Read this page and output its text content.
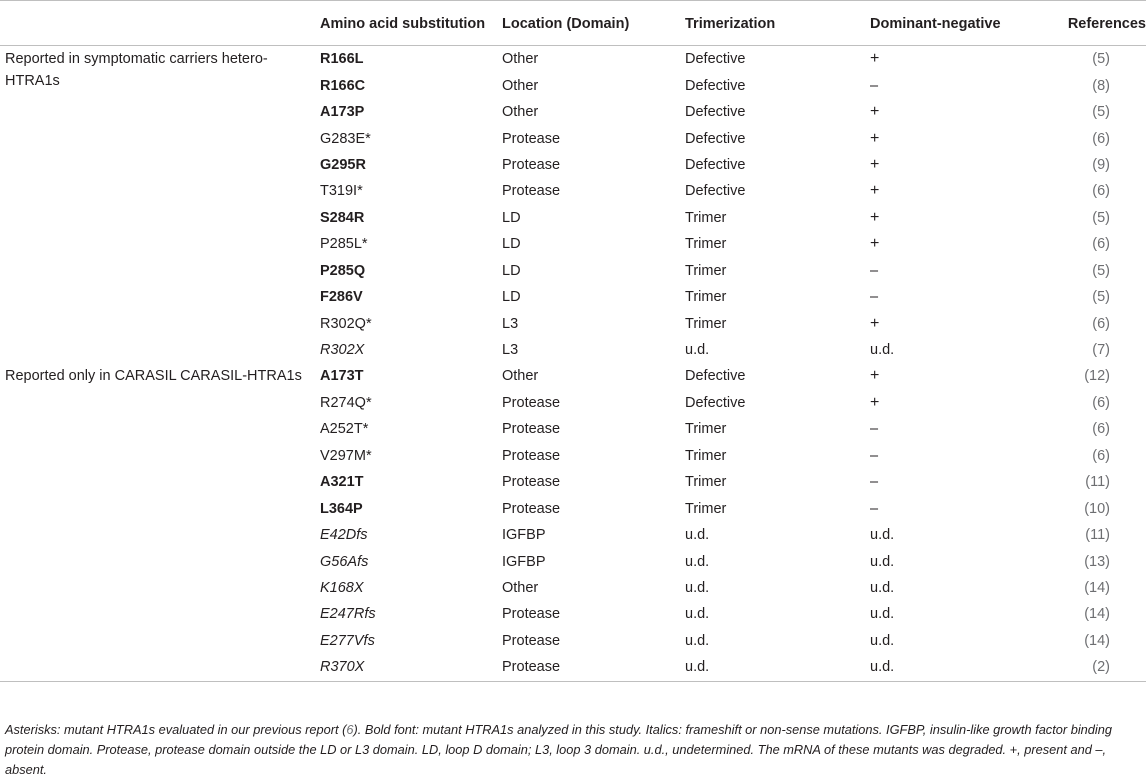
	Amino acid substitution	Location (Domain)	Trimerization	Dominant-negative	References
Reported in symptomatic carriers hetero-HTRA1s	R166L	Other	Defective	+	(5)
	R166C	Other	Defective	–	(8)
	A173P	Other	Defective	+	(5)
	G283E*	Protease	Defective	+	(6)
	G295R	Protease	Defective	+	(9)
	T319I*	Protease	Defective	+	(6)
	S284R	LD	Trimer	+	(5)
	P285L*	LD	Trimer	+	(6)
	P285Q	LD	Trimer	–	(5)
	F286V	LD	Trimer	–	(5)
	R302Q*	L3	Trimer	+	(6)
	R302X	L3	u.d.	u.d.	(7)
Reported only in CARASIL CARASIL-HTRA1s	A173T	Other	Defective	+	(12)
	R274Q*	Protease	Defective	+	(6)
	A252T*	Protease	Trimer	–	(6)
	V297M*	Protease	Trimer	–	(6)
	A321T	Protease	Trimer	–	(11)
	L364P	Protease	Trimer	–	(10)
	E42Dfs	IGFBP	u.d.	u.d.	(11)
	G56Afs	IGFBP	u.d.	u.d.	(13)
	K168X	Other	u.d.	u.d.	(14)
	E247Rfs	Protease	u.d.	u.d.	(14)
	E277Vfs	Protease	u.d.	u.d.	(14)
	R370X	Protease	u.d.	u.d.	(2)
Asterisks: mutant HTRA1s evaluated in our previous report (6). Bold font: mutant HTRA1s analyzed in this study. Italics: frameshift or non-sense mutations. IGFBP, insulin-like growth factor binding protein domain. Protease, protease domain outside the LD or L3 domain. LD, loop D domain; L3, loop 3 domain. u.d., undetermined. The mRNA of these mutants was degraded. +, present and –, absent.
